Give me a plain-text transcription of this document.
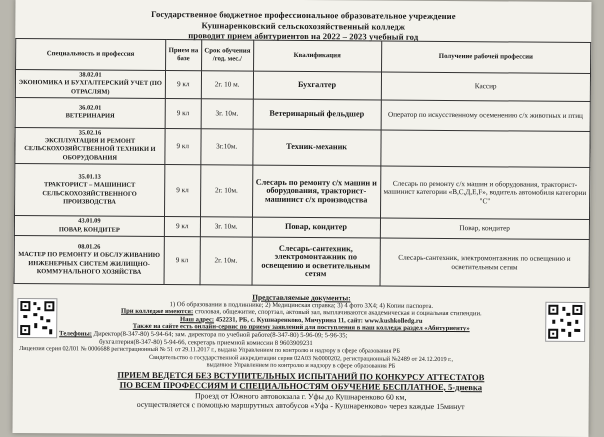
Государственное бюджетное профессиональное образовательное учреждение
Кушнаренковский сельскохозяйственный колледж
проводит прием абитуриентов на 2022 – 2023 учебный год
Специальность и профессия	Прием на базе	Срок обучения /год. мес./	Квалификация	Получение рабочей профессии

38.02.01
ЭКОНОМИКА И БУХГАЛТЕРСКИЙ УЧЕТ (ПО ОТРАСЛЯМ)	9 кл	2г. 10 м.	Бухгалтер	Кассир

36.02.01
ВЕТЕРИНАРИЯ	9 кл	3г. 10м.	Ветеринарный фельдшер	Оператор по искусственному осеменению с/х животных и птиц

35.02.16
ЭКСПЛУАТАЦИЯ И РЕМОНТ СЕЛЬСКОХОЗЯЙСТВЕННОЙ ТЕХНИКИ И ОБОРУДОВАНИЯ	9 кл	3г.10м.	Техник-механик	

35.01.13
ТРАКТОРИСТ – МАШИНИСТ СЕЛЬСКОХОЗЯЙСТВЕННОГО ПРОИЗВОДСТВА	9 кл	2г. 10м.	Слесарь по ремонту с/х машин и оборудования, тракторист-машинист с/х производства	Слесарь по ремонту с/х машин и оборудования, тракторист-машинист категории «В,С,Д,Е,F», водитель автомобиля категории "С"

43.01.09
ПОВАР, КОНДИТЕР	9 кл	3г. 10м.	Повар, кондитер	Повар, кондитер

08.01.26
МАСТЕР ПО РЕМОНТУ И ОБСЛУЖИВАНИЮ ИНЖЕНЕРНЫХ СИСТЕМ ЖИЛИЩНО-КОММУНАЛЬНОГО ХОЗЯЙСТВА	9 кл	2г. 10м.	Слесарь-сантехник, электромонтажник по освещению и осветительным сетям	Слесарь-сантехник, электромонтажник по освещению и осветительным сетям
Представляемые документы:
1) Об образовании в подлиннике; 2) Медицинская справка; 3) 4 фото 3Х4; 4) Копии паспорта.
При колледже имеются: столовая, общежитие, спортзал, актовый зал, выплачиваются академическая и социальная стипендии.
Наш адрес: 452231, РБ, с. Кушнаренково, Мичурина 11, сайт: www.kushkolledg.ru
Также на сайте есть онлайн-сервис по приему заявлений для поступления в наш колледж раздел «Абитуриенту»
Телефоны: Директор(8-347-80) 5-94-64; зам. директора по учебной работе(8-347-80) 5-96-09; 5-96-35;
бухгалтерия(8-347-80) 5-94-66, секретарь приемной комиссии 8 9603909231
Лицензия серия 02Л01 № 0006688 регистрационный № 51 от 29.11.2017 г., выдана Управлением по контролю и надзору в сфере образования РБ
Свидетельство о государственной аккредитации серия 02А03 №0000202, регистрационный №2489 от 24.12.2019 г.,
выданное Управлением по контролю и надзору в сфере образования РБ
ПРИЕМ ВЕДЕТСЯ БЕЗ ВСТУПИТЕЛЬНЫХ ИСПЫТАНИЙ ПО КОНКУРСУ АТТЕСТАТОВ
ПО ВСЕМ ПРОФЕССИЯМ И СПЕЦИАЛЬНОСТЯМ ОБУЧЕНИЕ БЕСПЛАТНОЕ, 5-дневка
Проезд от Южного автовокзала г. Уфы до Кушнаренково 60 км,
осуществляется с помощью маршрутных автобусов «Уфа - Кушнаренково» через каждые 15минут
